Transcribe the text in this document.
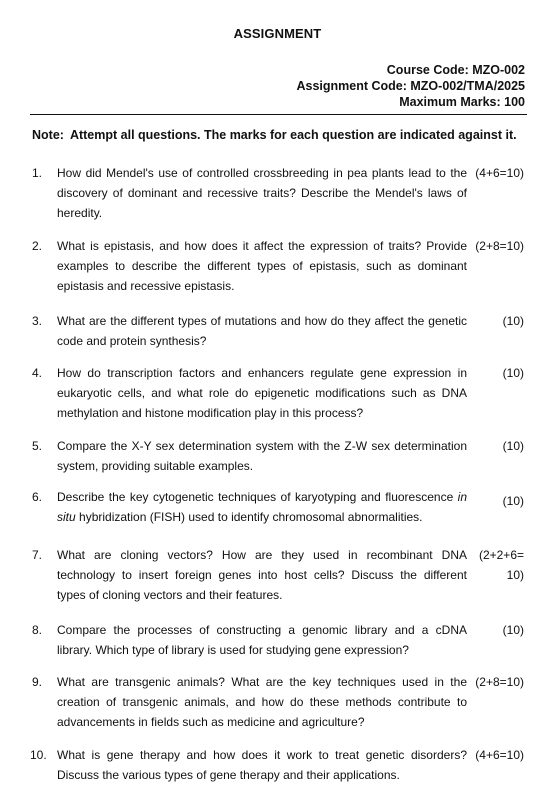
ASSIGNMENT
Course Code: MZO-002
Assignment Code: MZO-002/TMA/2025
Maximum Marks: 100
Note: Attempt all questions. The marks for each question are indicated against it.
1. How did Mendel's use of controlled crossbreeding in pea plants lead to the
discovery of dominant and recessive traits? Describe the Mendel's laws of
heredity.
(4+6=10)
2. What is epistasis, and how does it affect the expression of traits? Provide
examples to describe the different types of epistasis, such as dominant
epistasis and recessive epistasis.
(2+8=10)
3. What are the different types of mutations and how do they affect the genetic
code and protein synthesis?
(10)
4. How do transcription factors and enhancers regulate gene expression in
eukaryotic cells, and what role do epigenetic modifications such as DNA
methylation and histone modification play in this process?
(10)
5. Compare the X-Y sex determination system with the Z-W sex determination
system, providing suitable examples.
(10)
6. Describe the key cytogenetic techniques of karyotyping and fluorescence in
situ hybridization (FISH) used to identify chromosomal abnormalities.
(10)
7. What are cloning vectors? How are they used in recombinant DNA
technology to insert foreign genes into host cells? Discuss the different
types of cloning vectors and their features.
(2+2+6=
10)
8. Compare the processes of constructing a genomic library and a cDNA
library. Which type of library is used for studying gene expression?
(10)
9. What are transgenic animals? What are the key techniques used in the
creation of transgenic animals, and how do these methods contribute to
advancements in fields such as medicine and agriculture?
(2+8=10)
10. What is gene therapy and how does it work to treat genetic disorders?
Discuss the various types of gene therapy and their applications.
(4+6=10)
